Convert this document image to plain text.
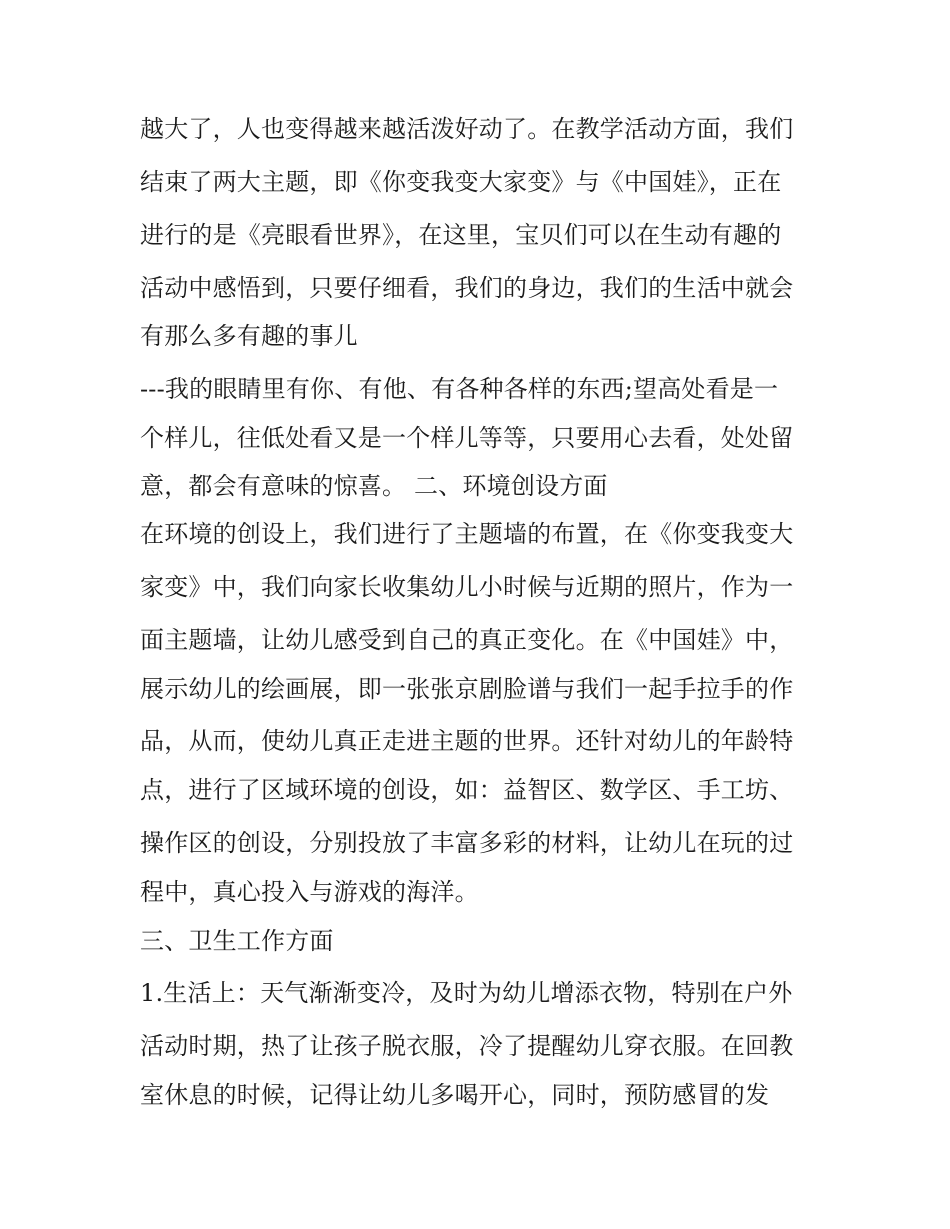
越大了，人也变得越来越活泼好动了。在教学活动方面，我们
结束了两大主题，即《你变我变大家变》与《中国娃》，正在
进行的是《亮眼看世界》，在这里，宝贝们可以在生动有趣的
活动中感悟到，只要仔细看，我们的身边，我们的生活中就会
有那么多有趣的事儿
---我的眼睛里有你、有他、有各种各样的东西;望高处看是一
个样儿，往低处看又是一个样儿等等，只要用心去看，处处留
意，都会有意味的惊喜。 二、环境创设方面
在环境的创设上，我们进行了主题墙的布置，在《你变我变大
家变》中，我们向家长收集幼儿小时候与近期的照片，作为一
面主题墙，让幼儿感受到自己的真正变化。在《中国娃》中，
展示幼儿的绘画展，即一张张京剧脸谱与我们一起手拉手的作
品，从而，使幼儿真正走进主题的世界。还针对幼儿的年龄特
点，进行了区域环境的创设，如：益智区、数学区、手工坊、
操作区的创设，分别投放了丰富多彩的材料，让幼儿在玩的过
程中，真心投入与游戏的海洋。
三、卫生工作方面
1.生活上：天气渐渐变冷，及时为幼儿增添衣物，特别在户外
活动时期，热了让孩子脱衣服，冷了提醒幼儿穿衣服。在回教
室休息的时候，记得让幼儿多喝开心，同时，预防感冒的发
